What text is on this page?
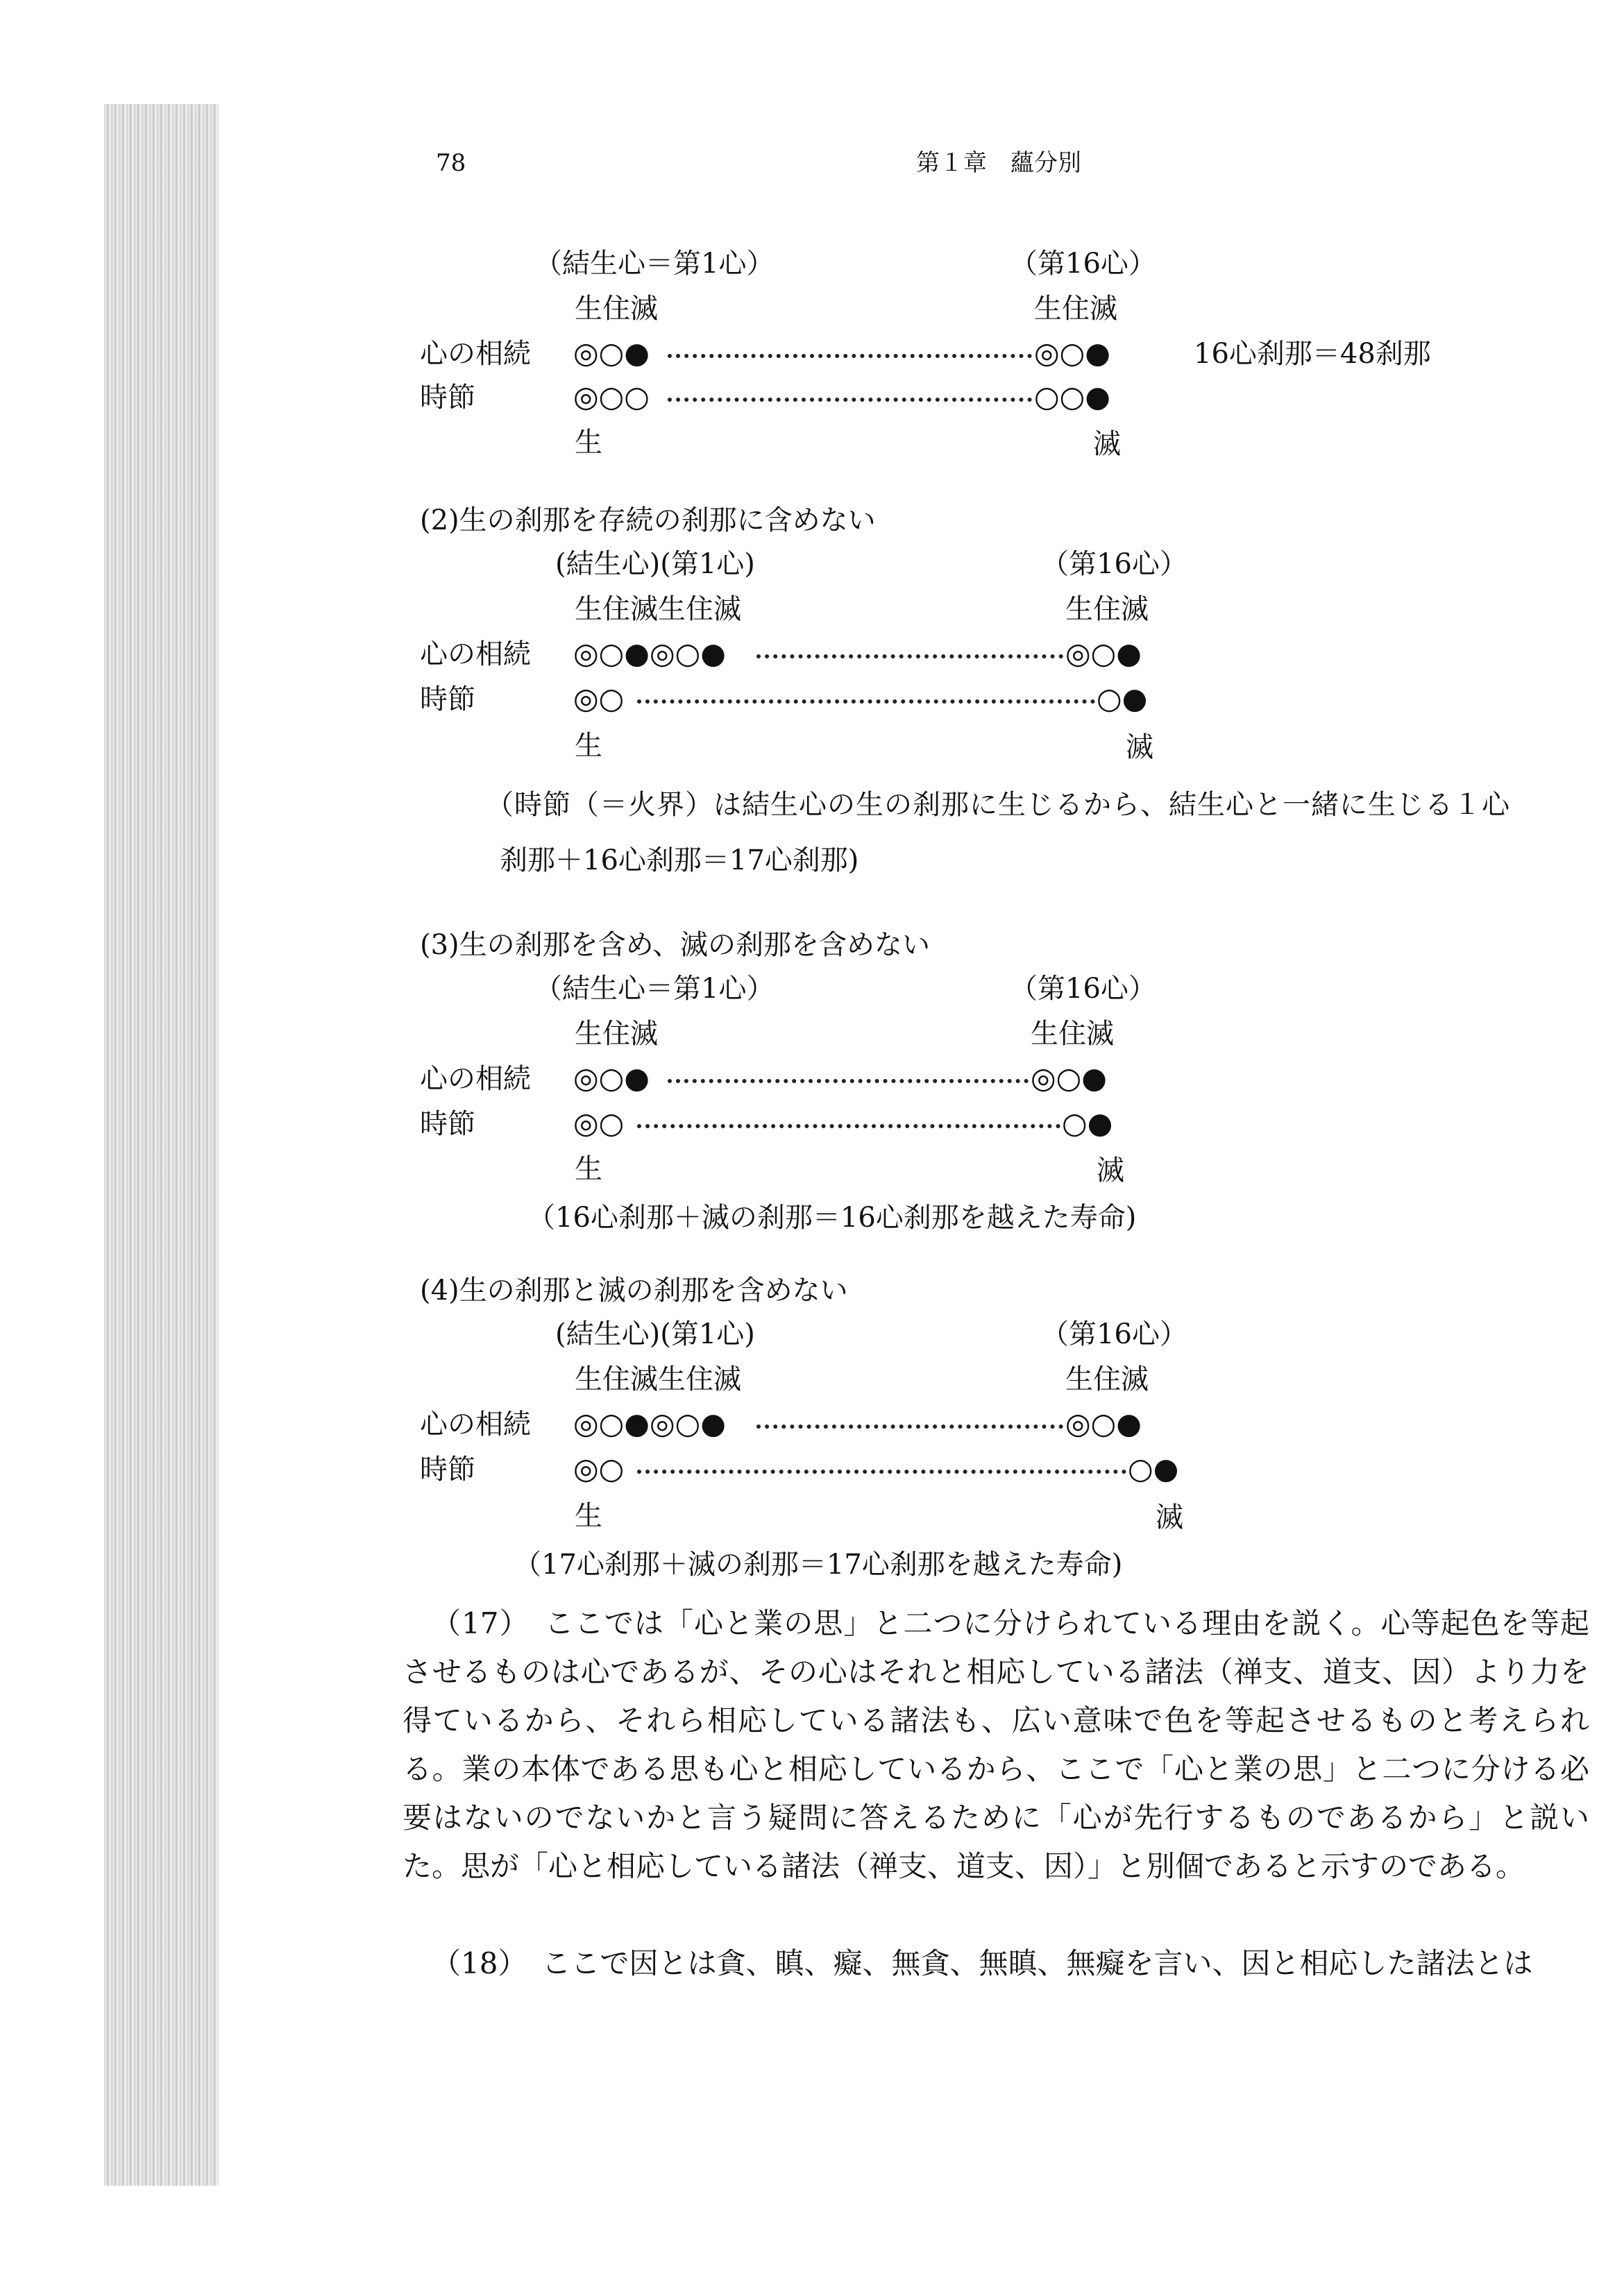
78	第１章　蘊分別
（結生心＝第1心）	（第16心）
生住滅	生住滅
心の相続 ◎○●	◎○●	16心刹那＝48刹那
時節	◎○○	○○●
生	滅
(2)生の刹那を存続の刹那に含めない
(結生心)(第1心)	（第16心）
生住滅生住滅	生住滅
心の相続 ◎○●◎○●	◎○●
時節	◎○	○●
生	滅
（時節（＝火界）は結生心の生の刹那に生じるから、結生心と一緒に生じる１心
刹那＋16心刹那＝17心刹那)
(3)生の刹那を含め、滅の刹那を含めない
（結生心＝第1心）	（第16心）
生住滅	生住滅
心の相続 ◎○●	◎○●
時節	◎○	○●
生	滅
（16心刹那＋滅の刹那＝16心刹那を越えた寿命)
(4)生の刹那と滅の刹那を含めない
(結生心)(第1心)	（第16心）
生住滅生住滅	生住滅
心の相続 ◎○●◎○●	◎○●
時節	◎○	○●
生	滅
（17心刹那＋滅の刹那＝17心刹那を越えた寿命)

（17）　ここでは「心と業の思」と二つに分けられている理由を説く。心等起色を等起させるものは心であるが、その心はそれと相応している諸法（禅支、道支、因）より力を得ているから、それら相応している諸法も、広い意味で色を等起させるものと考えられる。業の本体である思も心と相応しているから、ここで「心と業の思」と二つに分ける必要はないのでないかと言う疑問に答えるために「心が先行するものであるから」と説いた。思が「心と相応している諸法（禅支、道支、因）」と別個であると示すのである。

（18）　ここで因とは貪、瞋、癡、無貪、無瞋、無癡を言い、因と相応した諸法とは
